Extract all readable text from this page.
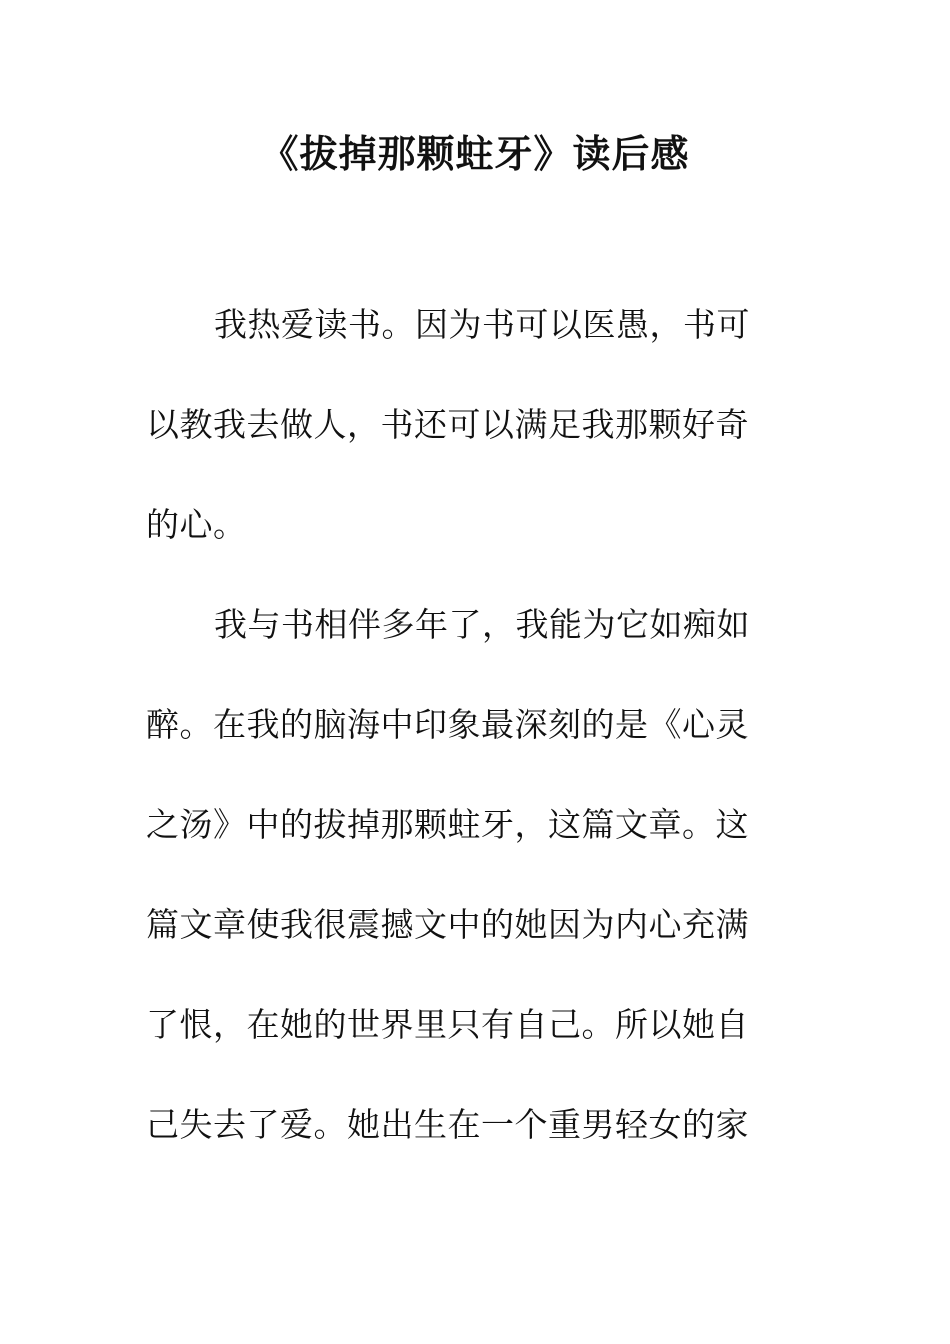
《拔掉那颗蛀牙》读后感
我热爱读书。因为书可以医愚，书可
以教我去做人，书还可以满足我那颗好奇
的心。
我与书相伴多年了，我能为它如痴如
醉。在我的脑海中印象最深刻的是《心灵
之汤》中的拔掉那颗蛀牙，这篇文章。这
篇文章使我很震撼文中的她因为内心充满
了恨，在她的世界里只有自己。所以她自
己失去了爱。她出生在一个重男轻女的家
